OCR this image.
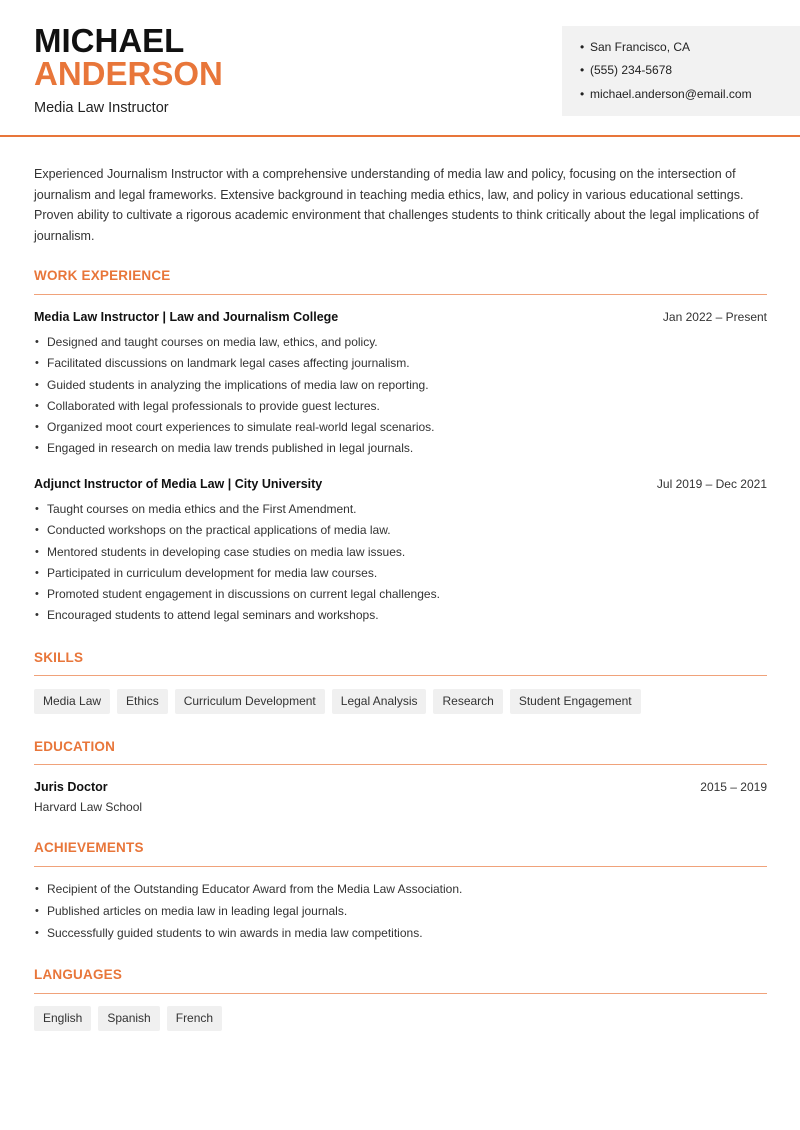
MICHAEL
ANDERSON
Media Law Instructor
• San Francisco, CA
• (555) 234-5678
• michael.anderson@email.com

Experienced Journalism Instructor with a comprehensive understanding of media law and policy, focusing on the intersection of journalism and legal frameworks. Extensive background in teaching media ethics, law, and policy in various educational settings. Proven ability to cultivate a rigorous academic environment that challenges students to think critically about the legal implications of journalism.

WORK EXPERIENCE
Media Law Instructor | Law and Journalism College	Jan 2022 – Present
• Designed and taught courses on media law, ethics, and policy.
• Facilitated discussions on landmark legal cases affecting journalism.
• Guided students in analyzing the implications of media law on reporting.
• Collaborated with legal professionals to provide guest lectures.
• Organized moot court experiences to simulate real-world legal scenarios.
• Engaged in research on media law trends published in legal journals.
Adjunct Instructor of Media Law | City University	Jul 2019 – Dec 2021
• Taught courses on media ethics and the First Amendment.
• Conducted workshops on the practical applications of media law.
• Mentored students in developing case studies on media law issues.
• Participated in curriculum development for media law courses.
• Promoted student engagement in discussions on current legal challenges.
• Encouraged students to attend legal seminars and workshops.
SKILLS
Media Law	Ethics	Curriculum Development	Legal Analysis	Research	Student Engagement
EDUCATION
Juris Doctor	2015 – 2019
Harvard Law School
ACHIEVEMENTS
• Recipient of the Outstanding Educator Award from the Media Law Association.
• Published articles on media law in leading legal journals.
• Successfully guided students to win awards in media law competitions.
LANGUAGES
English	Spanish	French
